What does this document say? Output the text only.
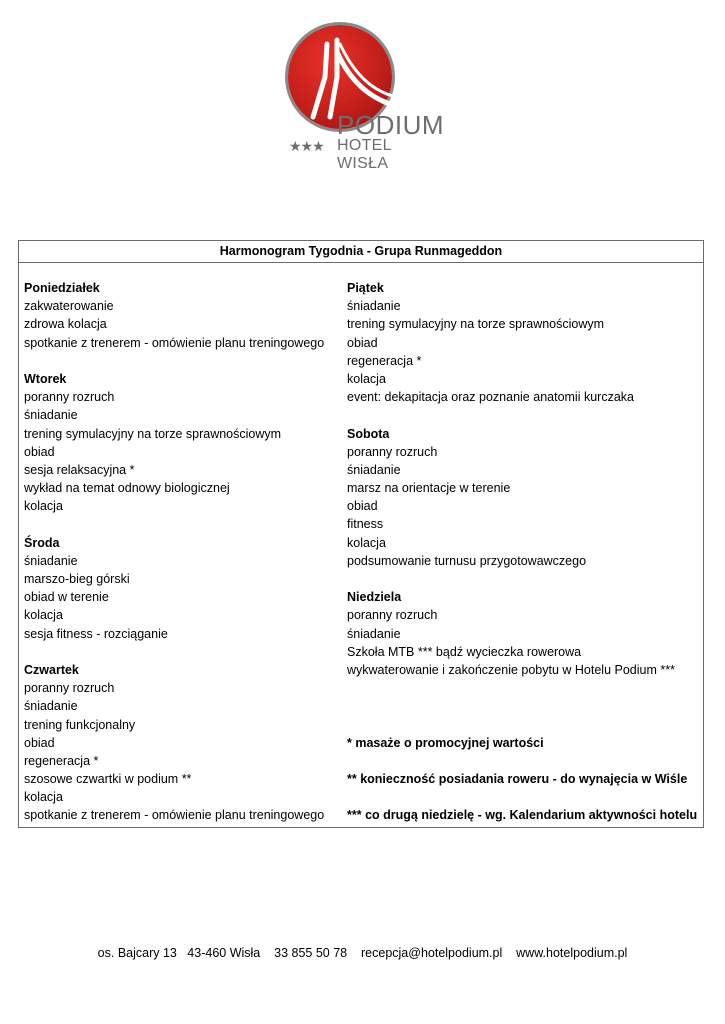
PODIUM
★★★ HOTEL WISŁA
Harmonogram Tygodnia - Grupa Runmageddon
Poniedziałek
zakwaterowanie
zdrowa kolacja
spotkanie z trenerem - omówienie planu treningowego
Wtorek
poranny rozruch
śniadanie
trening symulacyjny na torze sprawnościowym
obiad
sesja relaksacyjna *
wykład na temat odnowy biologicznej
kolacja
Środa
śniadanie
marszo-bieg górski
obiad w terenie
kolacja
sesja fitness - rozciąganie
Czwartek
poranny rozruch
śniadanie
trening funkcjonalny
obiad
regeneracja *
szosowe czwartki w podium **
kolacja
spotkanie z trenerem - omówienie planu treningowego
Piątek
śniadanie
trening symulacyjny na torze sprawnościowym
obiad
regeneracja *
kolacja
event: dekapitacja oraz poznanie anatomii kurczaka
Sobota
poranny rozruch
śniadanie
marsz na orientacje w terenie
obiad
fitness
kolacja
podsumowanie turnusu przygotowawczego
Niedziela
poranny rozruch
śniadanie
Szkoła MTB *** bądź wycieczka rowerowa
wykwaterowanie i zakończenie pobytu w Hotelu Podium ***
* masaże o promocyjnej wartości
** konieczność posiadania roweru - do wynajęcia w Wiśle
*** co drugą niedzielę - wg. Kalendarium aktywności hotelu
os. Bajcary 13   43-460 Wisła    33 855 50 78    recepcja@hotelpodium.pl    www.hotelpodium.pl
